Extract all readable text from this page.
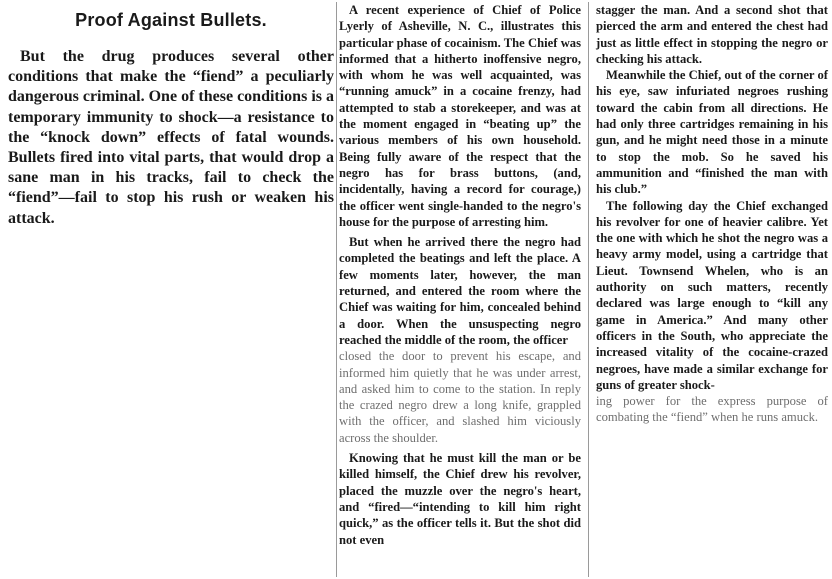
Proof Against Bullets.

But the drug produces several other conditions that make the “fiend” a peculiarly dangerous criminal. One of these conditions is a temporary immunity to shock—a resistance to the “knock down” effects of fatal wounds. Bullets fired into vital parts, that would drop a sane man in his tracks, fail to check the “fiend”—fail to stop his rush or weaken his attack.

A recent experience of Chief of Police Lyerly of Asheville, N. C., illustrates this particular phase of cocainism. The Chief was informed that a hitherto inoffensive negro, with whom he was well acquainted, was “running amuck” in a cocaine frenzy, had attempted to stab a storekeeper, and was at the moment engaged in “beating up” the various members of his own household. Being fully aware of the respect that the negro has for brass buttons, (and, incidentally, having a record for courage,) the officer went single-handed to the negro's house for the purpose of arresting him.

But when he arrived there the negro had completed the beatings and left the place. A few moments later, however, the man returned, and entered the room where the Chief was waiting for him, concealed behind a door. When the unsuspecting negro reached the middle of the room, the officer

closed the door to prevent his escape, and informed him quietly that he was under arrest, and asked him to come to the station. In reply the crazed negro drew a long knife, grappled with the officer, and slashed him viciously across the shoulder.

Knowing that he must kill the man or be killed himself, the Chief drew his revolver, placed the muzzle over the negro's heart, and “fired—“intending to kill him right quick,” as the officer tells it. But the shot did not even

stagger the man. And a second shot that pierced the arm and entered the chest had just as little effect in stopping the negro or checking his attack.

Meanwhile the Chief, out of the corner of his eye, saw infuriated negroes rushing toward the cabin from all directions. He had only three cartridges remaining in his gun, and he might need those in a minute to stop the mob. So he saved his ammunition and “finished the man with his club.”

The following day the Chief exchanged his revolver for one of heavier calibre. Yet the one with which he shot the negro was a heavy army model, using a cartridge that Lieut. Townsend Whelen, who is an authority on such matters, recently declared was large enough to “kill any game in America.” And many other officers in the South, who appreciate the increased vitality of the cocaine-crazed negroes, have made a similar exchange for guns of greater shock-

ing power for the express purpose of combating the “fiend” when he runs amuck.
